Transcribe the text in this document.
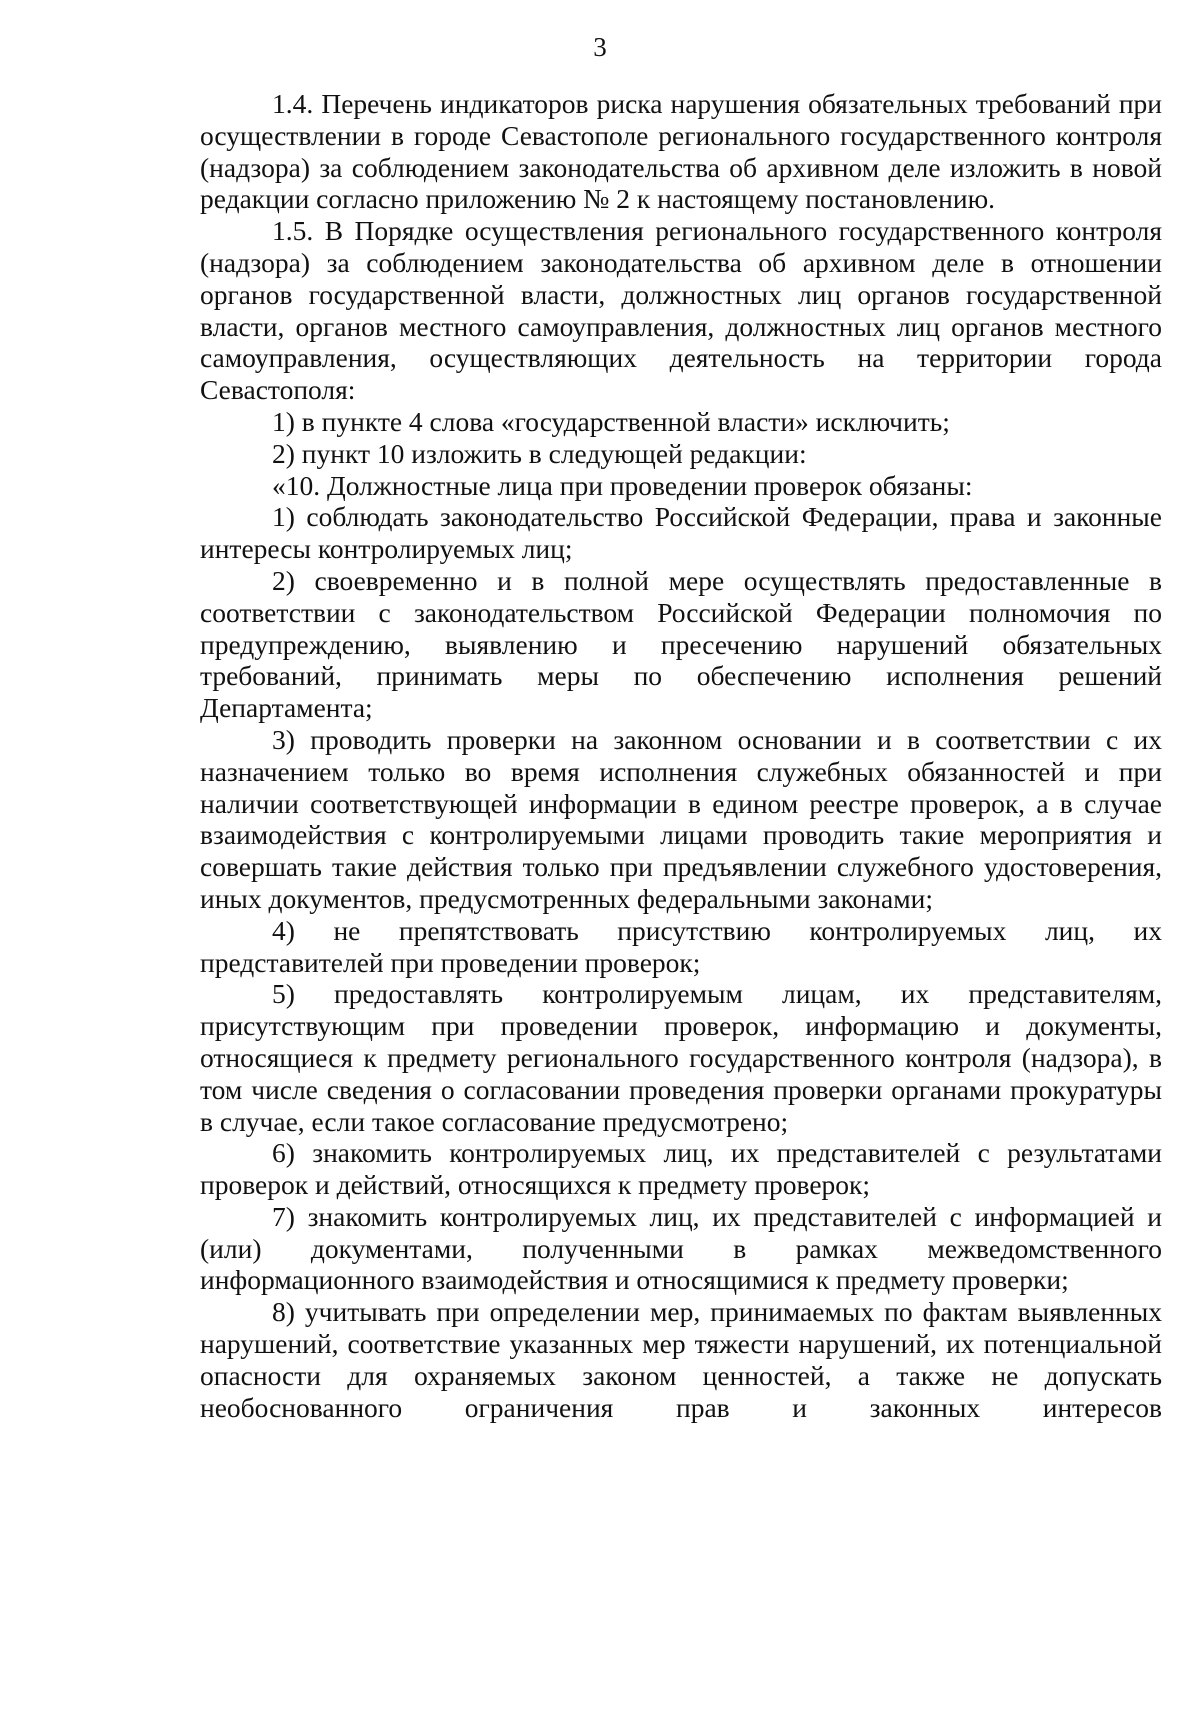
3

1.4. Перечень индикаторов риска нарушения обязательных требований при осуществлении в городе Севастополе регионального государственного контроля (надзора) за соблюдением законодательства об архивном деле изложить в новой редакции согласно приложению № 2 к настоящему постановлению.

1.5. В Порядке осуществления регионального государственного контроля (надзора) за соблюдением законодательства об архивном деле в отношении органов государственной власти, должностных лиц органов государственной власти, органов местного самоуправления, должностных лиц органов местного самоуправления, осуществляющих деятельность на территории города Севастополя:

1) в пункте 4 слова «государственной власти» исключить;

2) пункт 10 изложить в следующей редакции:

«10. Должностные лица при проведении проверок обязаны:

1) соблюдать законодательство Российской Федерации, права и законные интересы контролируемых лиц;

2) своевременно и в полной мере осуществлять предоставленные в соответствии с законодательством Российской Федерации полномочия по предупреждению, выявлению и пресечению нарушений обязательных требований, принимать меры по обеспечению исполнения решений Департамента;

3) проводить проверки на законном основании и в соответствии с их назначением только во время исполнения служебных обязанностей и при наличии соответствующей информации в едином реестре проверок, а в случае взаимодействия с контролируемыми лицами проводить такие мероприятия и совершать такие действия только при предъявлении служебного удостоверения, иных документов, предусмотренных федеральными законами;

4) не препятствовать присутствию контролируемых лиц, их представителей при проведении проверок;

5) предоставлять контролируемым лицам, их представителям, присутствующим при проведении проверок, информацию и документы, относящиеся к предмету регионального государственного контроля (надзора), в том числе сведения о согласовании проведения проверки органами прокуратуры в случае, если такое согласование предусмотрено;

6) знакомить контролируемых лиц, их представителей с результатами проверок и действий, относящихся к предмету проверок;

7) знакомить контролируемых лиц, их представителей с информацией и (или) документами, полученными в рамках межведомственного информационного взаимодействия и относящимися к предмету проверки;

8) учитывать при определении мер, принимаемых по фактам выявленных нарушений, соответствие указанных мер тяжести нарушений, их потенциальной опасности для охраняемых законом ценностей, а также не допускать необоснованного ограничения прав и законных интересов
